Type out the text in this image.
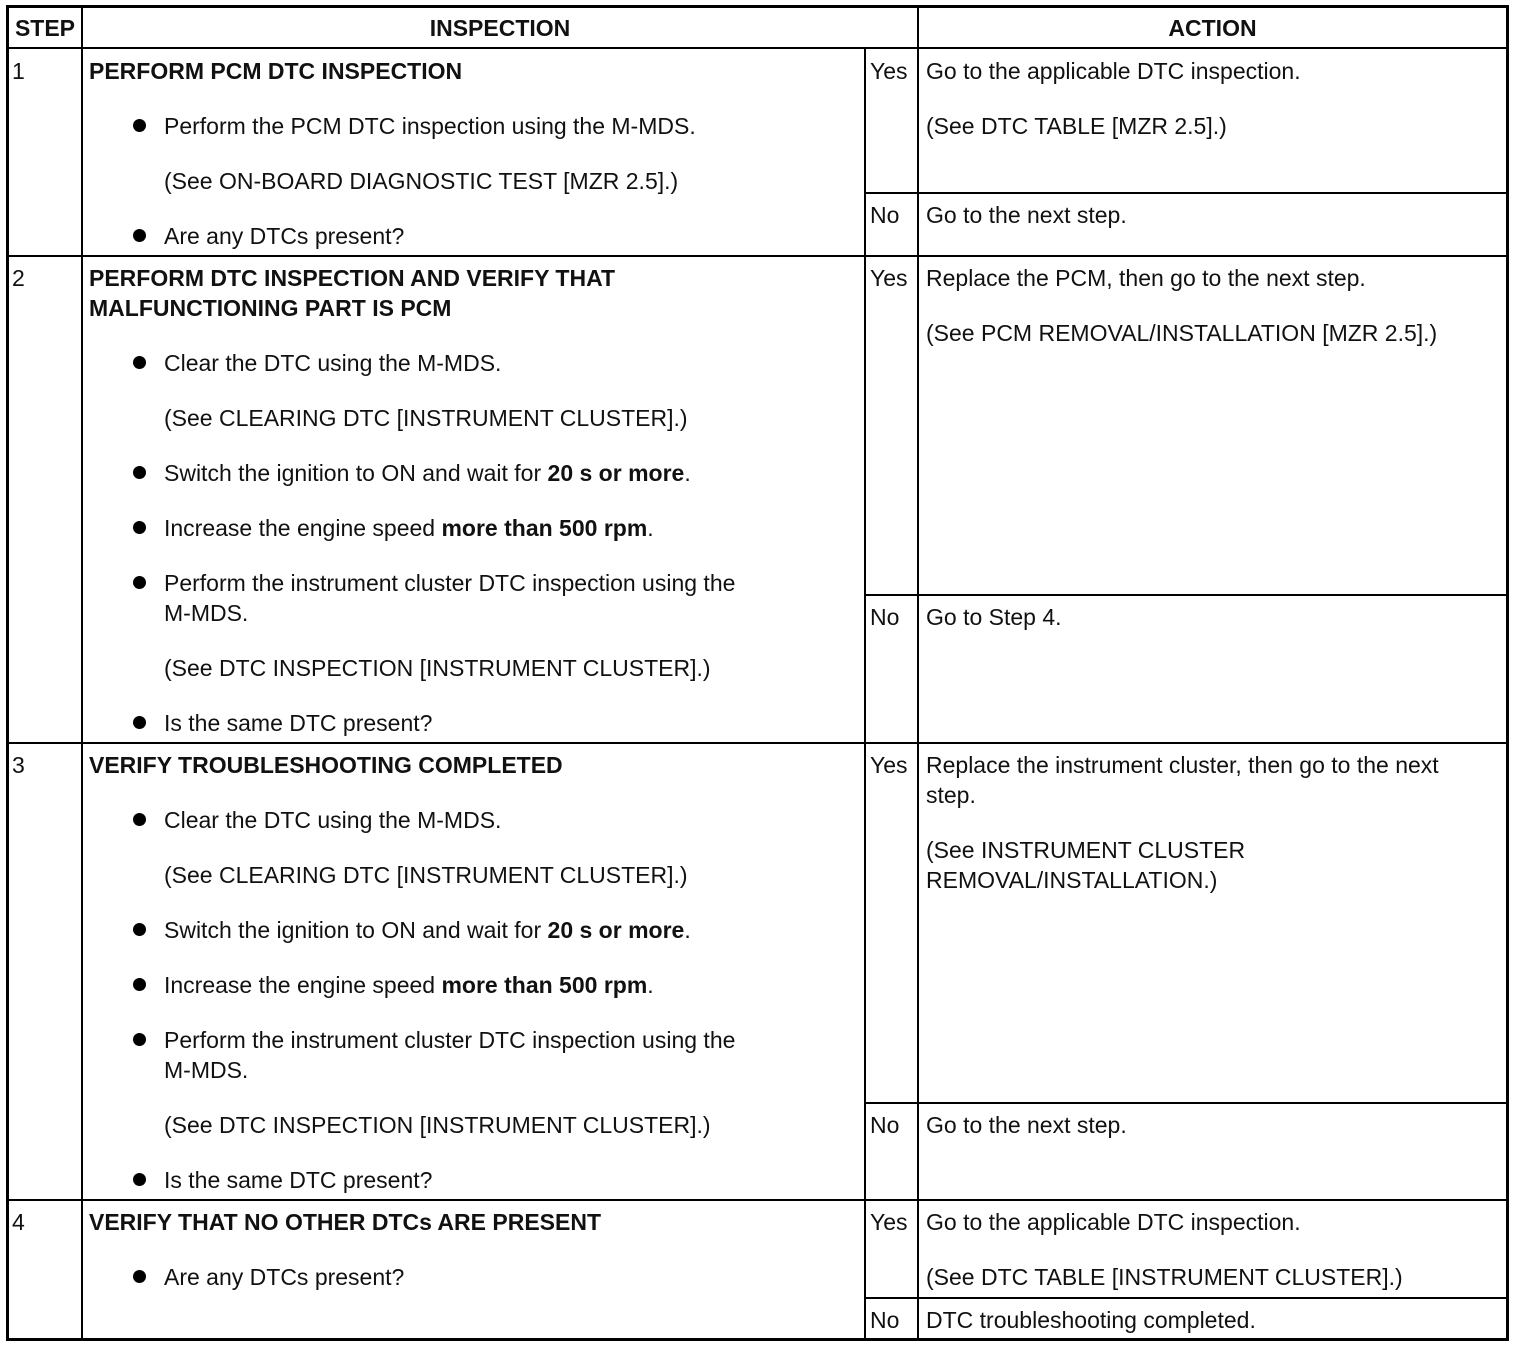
STEP	INSPECTION	ACTION
1	PERFORM PCM DTC INSPECTION
Perform the PCM DTC inspection using the M-MDS.
(See ON-BOARD DIAGNOSTIC TEST [MZR 2.5].)
Are any DTCs present?
Yes Go to the applicable DTC inspection.
(See DTC TABLE [MZR 2.5].)
No Go to the next step.
2	PERFORM DTC INSPECTION AND VERIFY THAT
MALFUNCTIONING PART IS PCM
Clear the DTC using the M-MDS.
(See CLEARING DTC [INSTRUMENT CLUSTER].)
Switch the ignition to ON and wait for 20 s or more.
Increase the engine speed more than 500 rpm.
Perform the instrument cluster DTC inspection using the
M-MDS.
(See DTC INSPECTION [INSTRUMENT CLUSTER].)
Is the same DTC present?
Yes Replace the PCM, then go to the next step.
(See PCM REMOVAL/INSTALLATION [MZR 2.5].)
No Go to Step 4.
3	VERIFY TROUBLESHOOTING COMPLETED
Clear the DTC using the M-MDS.
(See CLEARING DTC [INSTRUMENT CLUSTER].)
Switch the ignition to ON and wait for 20 s or more.
Increase the engine speed more than 500 rpm.
Perform the instrument cluster DTC inspection using the
M-MDS.
(See DTC INSPECTION [INSTRUMENT CLUSTER].)
Is the same DTC present?
Yes Replace the instrument cluster, then go to the next
step.
(See INSTRUMENT CLUSTER
REMOVAL/INSTALLATION.)
No Go to the next step.
4	VERIFY THAT NO OTHER DTCs ARE PRESENT
Are any DTCs present?
Yes Go to the applicable DTC inspection.
(See DTC TABLE [INSTRUMENT CLUSTER].)
No DTC troubleshooting completed.
